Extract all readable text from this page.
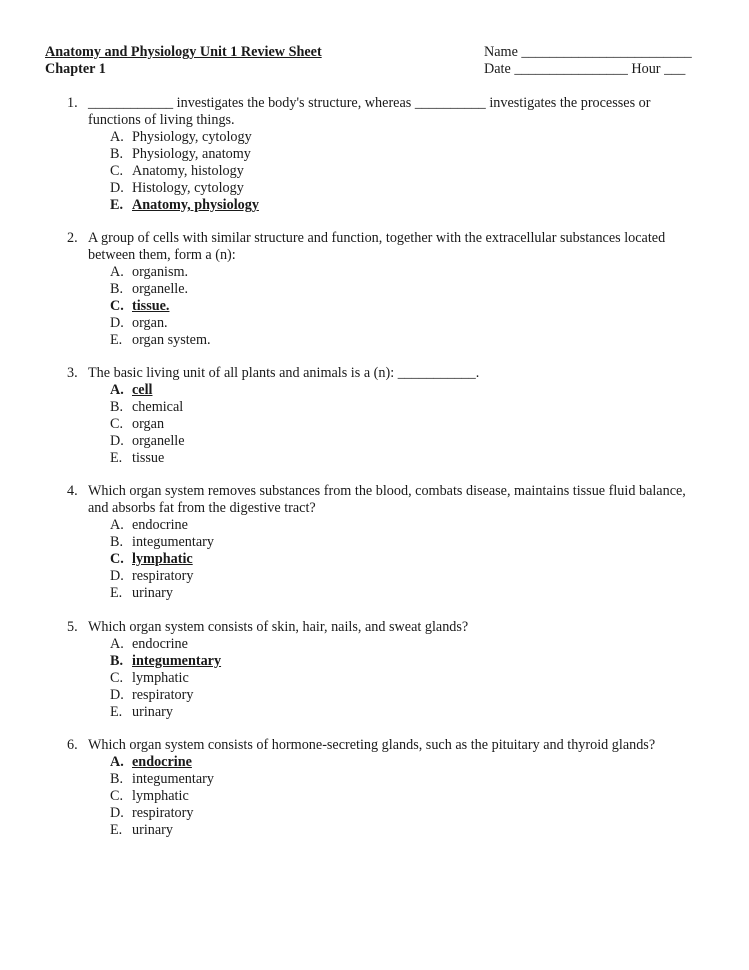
Anatomy and Physiology Unit 1 Review Sheet
Chapter 1
Name ________________________
Date ________________ Hour ___
1. ____________ investigates the body's structure, whereas __________ investigates the processes or functions of living things.
A. Physiology, cytology
B. Physiology, anatomy
C. Anatomy, histology
D. Histology, cytology
E. Anatomy, physiology
2. A group of cells with similar structure and function, together with the extracellular substances located between them, form a (n):
A. organism.
B. organelle.
C. tissue.
D. organ.
E. organ system.
3. The basic living unit of all plants and animals is a (n): ___________.
A. cell
B. chemical
C. organ
D. organelle
E. tissue
4. Which organ system removes substances from the blood, combats disease, maintains tissue fluid balance, and absorbs fat from the digestive tract?
A. endocrine
B. integumentary
C. lymphatic
D. respiratory
E. urinary
5. Which organ system consists of skin, hair, nails, and sweat glands?
A. endocrine
B. integumentary
C. lymphatic
D. respiratory
E. urinary
6. Which organ system consists of hormone-secreting glands, such as the pituitary and thyroid glands?
A. endocrine
B. integumentary
C. lymphatic
D. respiratory
E. urinary
